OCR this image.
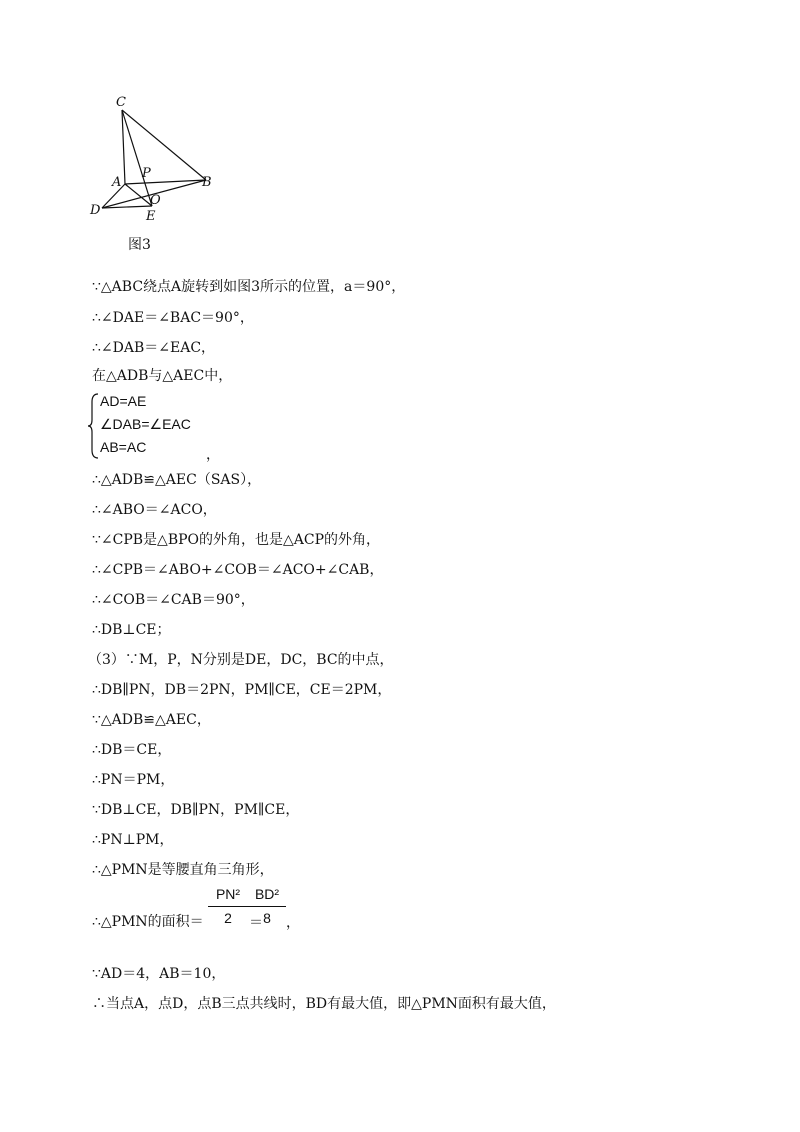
C
A
P
B
D
O
E
图3
∵△ABC绕点A旋转到如图3所示的位置，a＝90°，
∴∠DAE＝∠BAC＝90°，
∴∠DAB＝∠EAC，
在△ADB与△AEC中，
AD=AE
∠DAB=∠EAC
AB=AC	，
∴△ADB≌△AEC（SAS），
∴∠ABO＝∠ACO，
∵∠CPB是△BPO的外角，也是△ACP的外角，
∴∠CPB＝∠ABO+∠COB＝∠ACO+∠CAB，
∴∠COB＝∠CAB＝90°，
∴DB⊥CE；
（3）∵M，P，N分别是DE，DC，BC的中点，
∴DB∥PN，DB＝2PN，PM∥CE，CE＝2PM，
∵△ADB≌△AEC，
∴DB＝CE，
∴PN＝PM，
∵DB⊥CE，DB∥PN，PM∥CE，
∴PN⊥PM，
∴△PMN是等腰直角三角形，
∴△PMN的面积＝
PN²
2	＝
BD²
8	，
∵AD＝4，AB＝10，
∴当点A，点D，点B三点共线时，BD有最大值，即△PMN面积有最大值，
